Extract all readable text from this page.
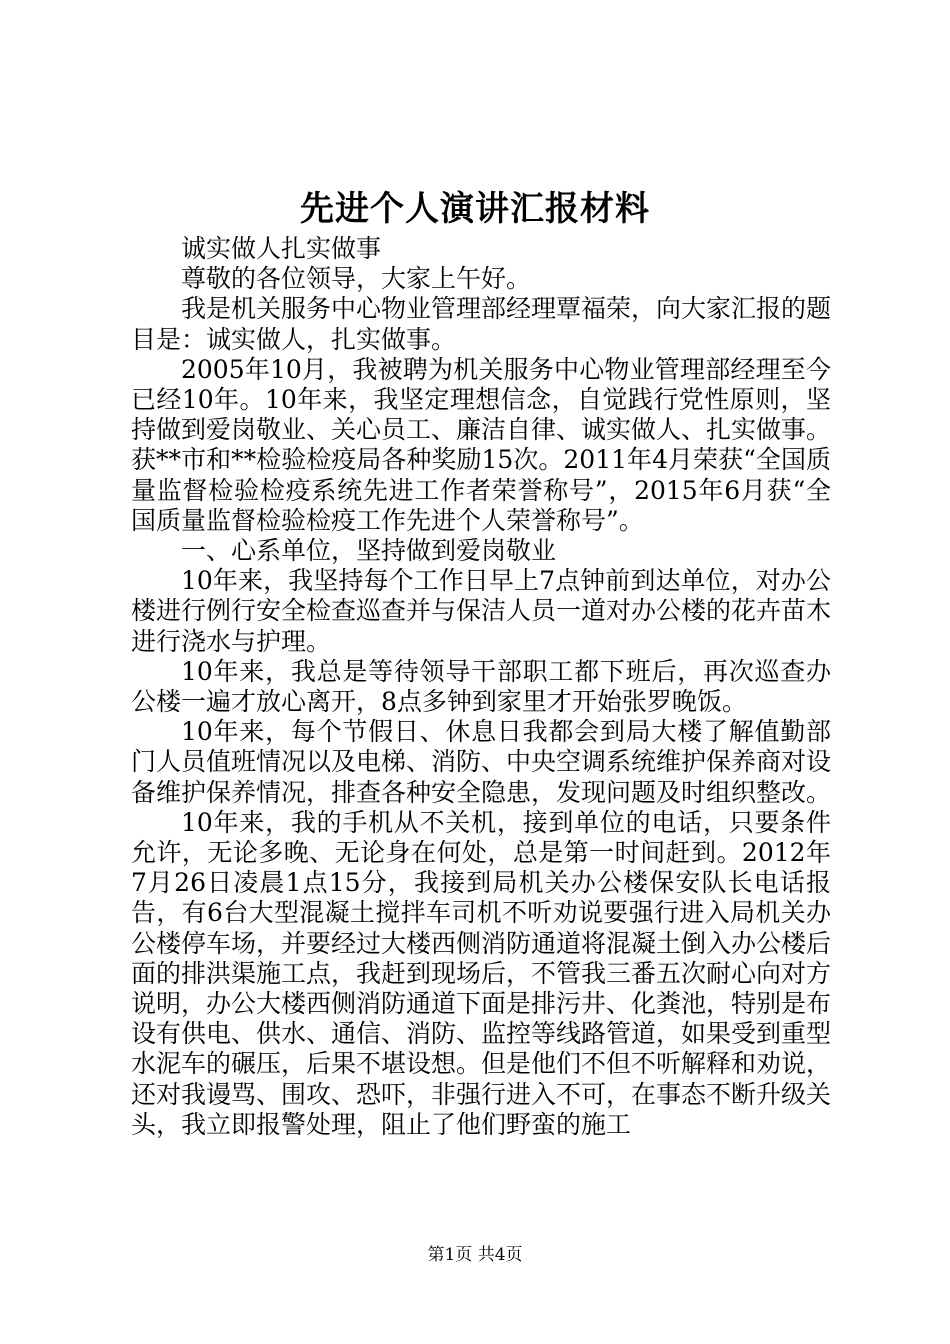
先进个人演讲汇报材料

诚实做人扎实做事

尊敬的各位领导，大家上午好。

我是机关服务中心物业管理部经理覃福荣，向大家汇报的题目是：诚实做人，扎实做事。

2005年10月，我被聘为机关服务中心物业管理部经理至今已经10年。10年来，我坚定理想信念，自觉践行党性原则，坚持做到爱岗敬业、关心员工、廉洁自律、诚实做人、扎实做事。获**市和**检验检疫局各种奖励15次。2011年4月荣获“全国质量监督检验检疫系统先进工作者荣誉称号”，2015年6月获“全国质量监督检验检疫工作先进个人荣誉称号”。

一、心系单位，坚持做到爱岗敬业

10年来，我坚持每个工作日早上7点钟前到达单位，对办公楼进行例行安全检查巡查并与保洁人员一道对办公楼的花卉苗木进行浇水与护理。

10年来，我总是等待领导干部职工都下班后，再次巡查办公楼一遍才放心离开，8点多钟到家里才开始张罗晚饭。

10年来，每个节假日、休息日我都会到局大楼了解值勤部门人员值班情况以及电梯、消防、中央空调系统维护保养商对设备维护保养情况，排查各种安全隐患，发现问题及时组织整改。

10年来，我的手机从不关机，接到单位的电话，只要条件允许，无论多晚、无论身在何处，总是第一时间赶到。2012年7月26日凌晨1点15分，我接到局机关办公楼保安队长电话报告，有6台大型混凝土搅拌车司机不听劝说要强行进入局机关办公楼停车场，并要经过大楼西侧消防通道将混凝土倒入办公楼后面的排洪渠施工点，我赶到现场后，不管我三番五次耐心向对方说明，办公大楼西侧消防通道下面是排污井、化粪池，特别是布设有供电、供水、通信、消防、监控等线路管道，如果受到重型水泥车的碾压，后果不堪设想。但是他们不但不听解释和劝说，还对我谩骂、围攻、恐吓，非强行进入不可，在事态不断升级关头，我立即报警处理，阻止了他们野蛮的施工

第1页 共4页
